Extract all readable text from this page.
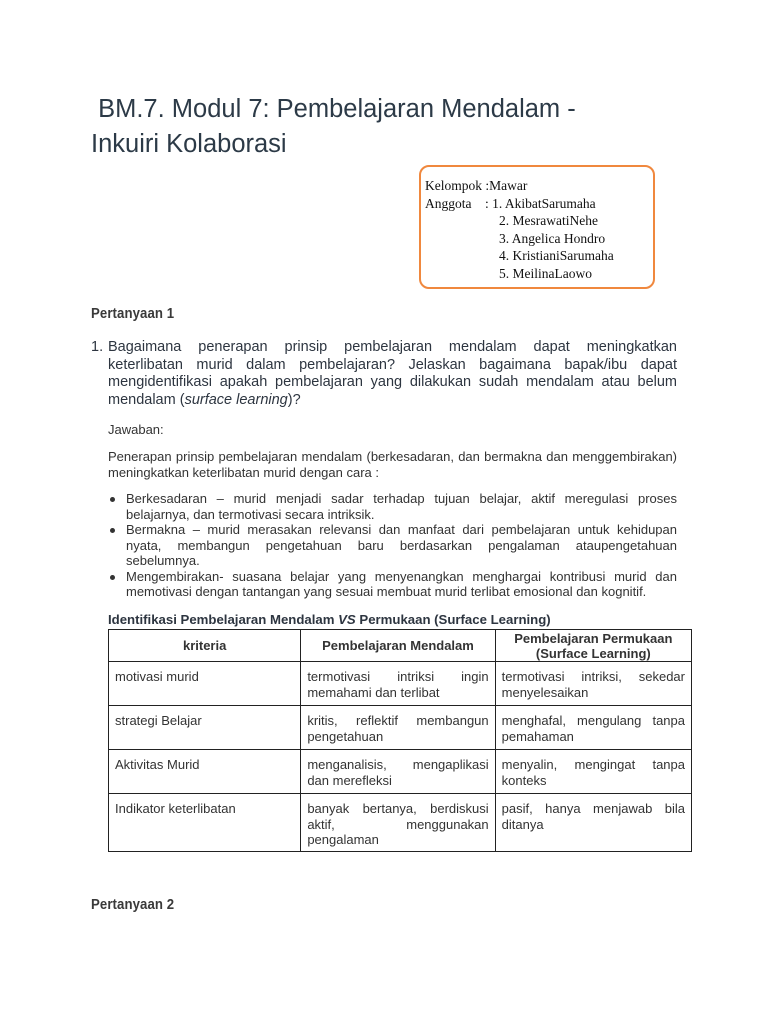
BM.7. Modul 7: Pembelajaran Mendalam -
Inkuiri Kolaborasi
Kelompok :Mawar
Anggota    : 1. AkibatSarumaha
2. MesrawatiNehe
3. Angelica Hondro
4. KristianiSarumaha
5. MeilinaLaowo
Pertanyaan 1
1. Bagaimana penerapan prinsip pembelajaran mendalam dapat meningkatkan keterlibatan murid dalam pembelajaran? Jelaskan bagaimana bapak/ibu dapat mengidentifikasi apakah pembelajaran yang dilakukan sudah mendalam atau belum mendalam (surface learning)?
Jawaban:
Penerapan prinsip pembelajaran mendalam (berkesadaran, dan bermakna dan menggembirakan) meningkatkan keterlibatan murid dengan cara :
Berkesadaran – murid menjadi sadar terhadap tujuan belajar, aktif meregulasi proses belajarnya, dan termotivasi secara intriksik.
Bermakna – murid merasakan relevansi dan manfaat dari pembelajaran untuk kehidupan nyata, membangun pengetahuan baru berdasarkan pengalaman ataupengetahuan sebelumnya.
Mengembirakan- suasana belajar yang menyenangkan menghargai kontribusi murid dan memotivasi dengan tantangan yang sesuai membuat murid terlibat emosional dan kognitif.
Identifikasi Pembelajaran Mendalam VS Permukaan (Surface Learning)
kriteria	Pembelajaran Mendalam	Pembelajaran Permukaan (Surface Learning)
motivasi murid	termotivasi intriksi ingin memahami dan terlibat	termotivasi intriksi, sekedar menyelesaikan
strategi Belajar	kritis, reflektif membangun pengetahuan	menghafal, mengulang tanpa pemahaman
Aktivitas Murid	menganalisis, mengaplikasi dan merefleksi	menyalin, mengingat tanpa konteks
Indikator keterlibatan	banyak bertanya, berdiskusi aktif, menggunakan pengalaman	pasif, hanya menjawab bila ditanya
Pertanyaan 2
